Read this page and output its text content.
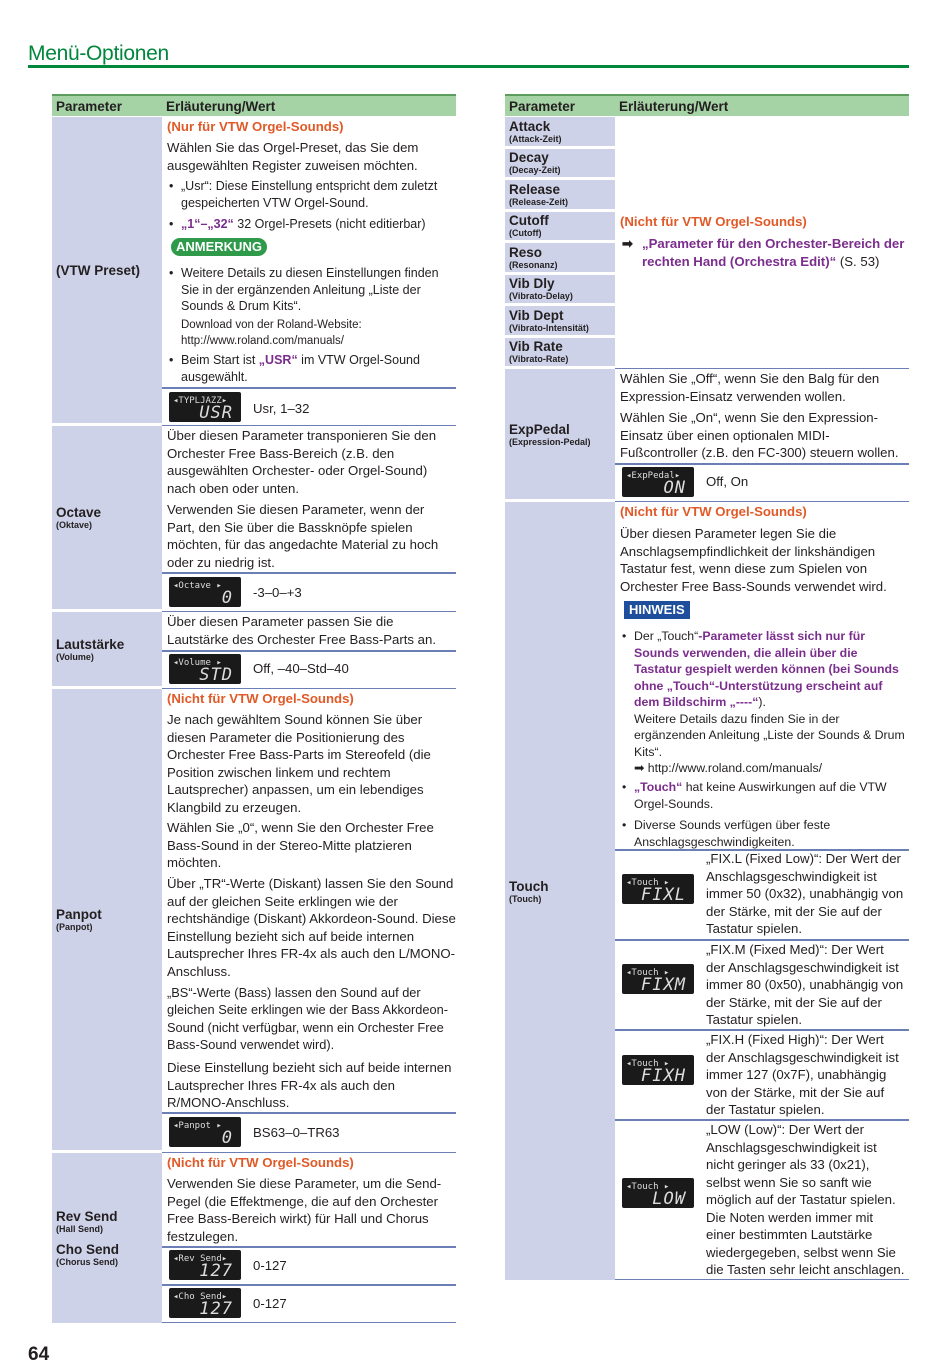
Menü-Optionen
Parameter	Erläuterung/Wert
(VTW Preset)
(Nur für VTW Orgel-Sounds)
Wählen Sie das Orgel-Preset, das Sie dem ausgewählten Register zuweisen möchten.
• „Usr“: Diese Einstellung entspricht dem zuletzt gespeicherten VTW Orgel-Sound.
• „1“–„32“ 32 Orgel-Presets (nicht editierbar)
ANMERKUNG
• Weitere Details zu diesen Einstellungen finden Sie in der ergänzenden Anleitung „Liste der Sounds & Drum Kits“.
Download von der Roland-Website: http://www.roland.com/manuals/
• Beim Start ist „USR“ im VTW Orgel-Sound ausgewählt.
◂TYPLJAZZ▸
USR Usr, 1–32
Octave
(Oktave)
Über diesen Parameter transponieren Sie den Orchester Free Bass-Bereich (z.B. den ausgewählten Orchester- oder Orgel-Sound) nach oben oder unten.
Verwenden Sie diesen Parameter, wenn der Part, den Sie über die Bassknöpfe spielen möchten, für das angedachte Material zu hoch oder zu niedrig ist.
◂Octave ▸
0 -3–0–+3
Lautstärke
(Volume)
Über diesen Parameter passen Sie die Lautstärke des Orchester Free Bass-Parts an.
◂Volume ▸
STD Off, –40–Std–40
Panpot
(Panpot)
(Nicht für VTW Orgel-Sounds)
Je nach gewähltem Sound können Sie über diesen Parameter die Positionierung des Orchester Free Bass-Parts im Stereofeld (die Position zwischen linkem und rechtem Lautsprecher) anpassen, um ein lebendiges Klangbild zu erzeugen.
Wählen Sie „0“, wenn Sie den Orchester Free Bass-Sound in der Stereo-Mitte platzieren möchten.
Über „TR“-Werte (Diskant) lassen Sie den Sound auf der gleichen Seite erklingen wie der rechtshändige (Diskant) Akkordeon-Sound. Diese Einstellung bezieht sich auf beide internen Lautsprecher Ihres FR-4x als auch den L/MONO-Anschluss.
„BS“-Werte (Bass) lassen den Sound auf der gleichen Seite erklingen wie der Bass Akkordeon-Sound (nicht verfügbar, wenn ein Orchester Free Bass-Sound verwendet wird).
Diese Einstellung bezieht sich auf beide internen Lautsprecher Ihres FR-4x als auch den R/MONO-Anschluss.
◂Panpot ▸
0 BS63–0–TR63
Rev Send
(Hall Send)
Cho Send
(Chorus Send)
(Nicht für VTW Orgel-Sounds)
Verwenden Sie diese Parameter, um die Send-Pegel (die Effektmenge, die auf den Orchester Free Bass-Bereich wirkt) für Hall und Chorus festzulegen.
◂Rev Send▸
127 0-127
◂Cho Send▸
127 0-127
Parameter	Erläuterung/Wert
Attack
(Attack-Zeit)
Decay
(Decay-Zeit)
Release
(Release-Zeit)
Cutoff
(Cutoff)
Reso
(Resonanz)
Vib Dly
(Vibrato-Delay)
Vib Dept
(Vibrato-Intensität)
Vib Rate
(Vibrato-Rate)
(Nicht für VTW Orgel-Sounds)
➡ „Parameter für den Orchester-Bereich der rechten Hand (Orchestra Edit)“ (S. 53)
ExpPedal
(Expression-Pedal)
Wählen Sie „Off“, wenn Sie den Balg für den Expression-Einsatz verwenden wollen.
Wählen Sie „On“, wenn Sie den Expression-Einsatz über einen optionalen MIDI-Fußcontroller (z.B. den FC-300) steuern wollen.
◂ExpPedal▸
ON Off, On
Touch
(Touch)
(Nicht für VTW Orgel-Sounds)
Über diesen Parameter legen Sie die Anschlagsempfindlichkeit der linkshändigen Tastatur fest, wenn diese zum Spielen von Orchester Free Bass-Sounds verwendet wird.
HINWEIS
• Der „Touch“-Parameter lässt sich nur für Sounds verwenden, die allein über die Tastatur gespielt werden können (bei Sounds ohne „Touch“-Unterstützung erscheint auf dem Bildschirm „----“).
Weitere Details dazu finden Sie in der ergänzenden Anleitung „Liste der Sounds & Drum Kits“.
➡ http://www.roland.com/manuals/
• „Touch“ hat keine Auswirkungen auf die VTW Orgel-Sounds.
• Diverse Sounds verfügen über feste Anschlagsgeschwindigkeiten.
◂Touch ▸
FIXL
„FIX.L (Fixed Low)“: Der Wert der Anschlagsgeschwindigkeit ist immer 50 (0x32), unabhängig von der Stärke, mit der Sie auf der Tastatur spielen.
◂Touch ▸
FIXM
„FIX.M (Fixed Med)“: Der Wert der Anschlagsgeschwindigkeit ist immer 80 (0x50), unabhängig von der Stärke, mit der Sie auf der Tastatur spielen.
◂Touch ▸
FIXH
„FIX.H (Fixed High)“: Der Wert der Anschlagsgeschwindigkeit ist immer 127 (0x7F), unabhängig von der Stärke, mit der Sie auf der Tastatur spielen.
◂Touch ▸
LOW
„LOW (Low)“: Der Wert der Anschlagsgeschwindigkeit ist nicht geringer als 33 (0x21), selbst wenn Sie so sanft wie möglich auf der Tastatur spielen. Die Noten werden immer mit einer bestimmten Lautstärke wiedergegeben, selbst wenn Sie die Tasten sehr leicht anschlagen.
64
